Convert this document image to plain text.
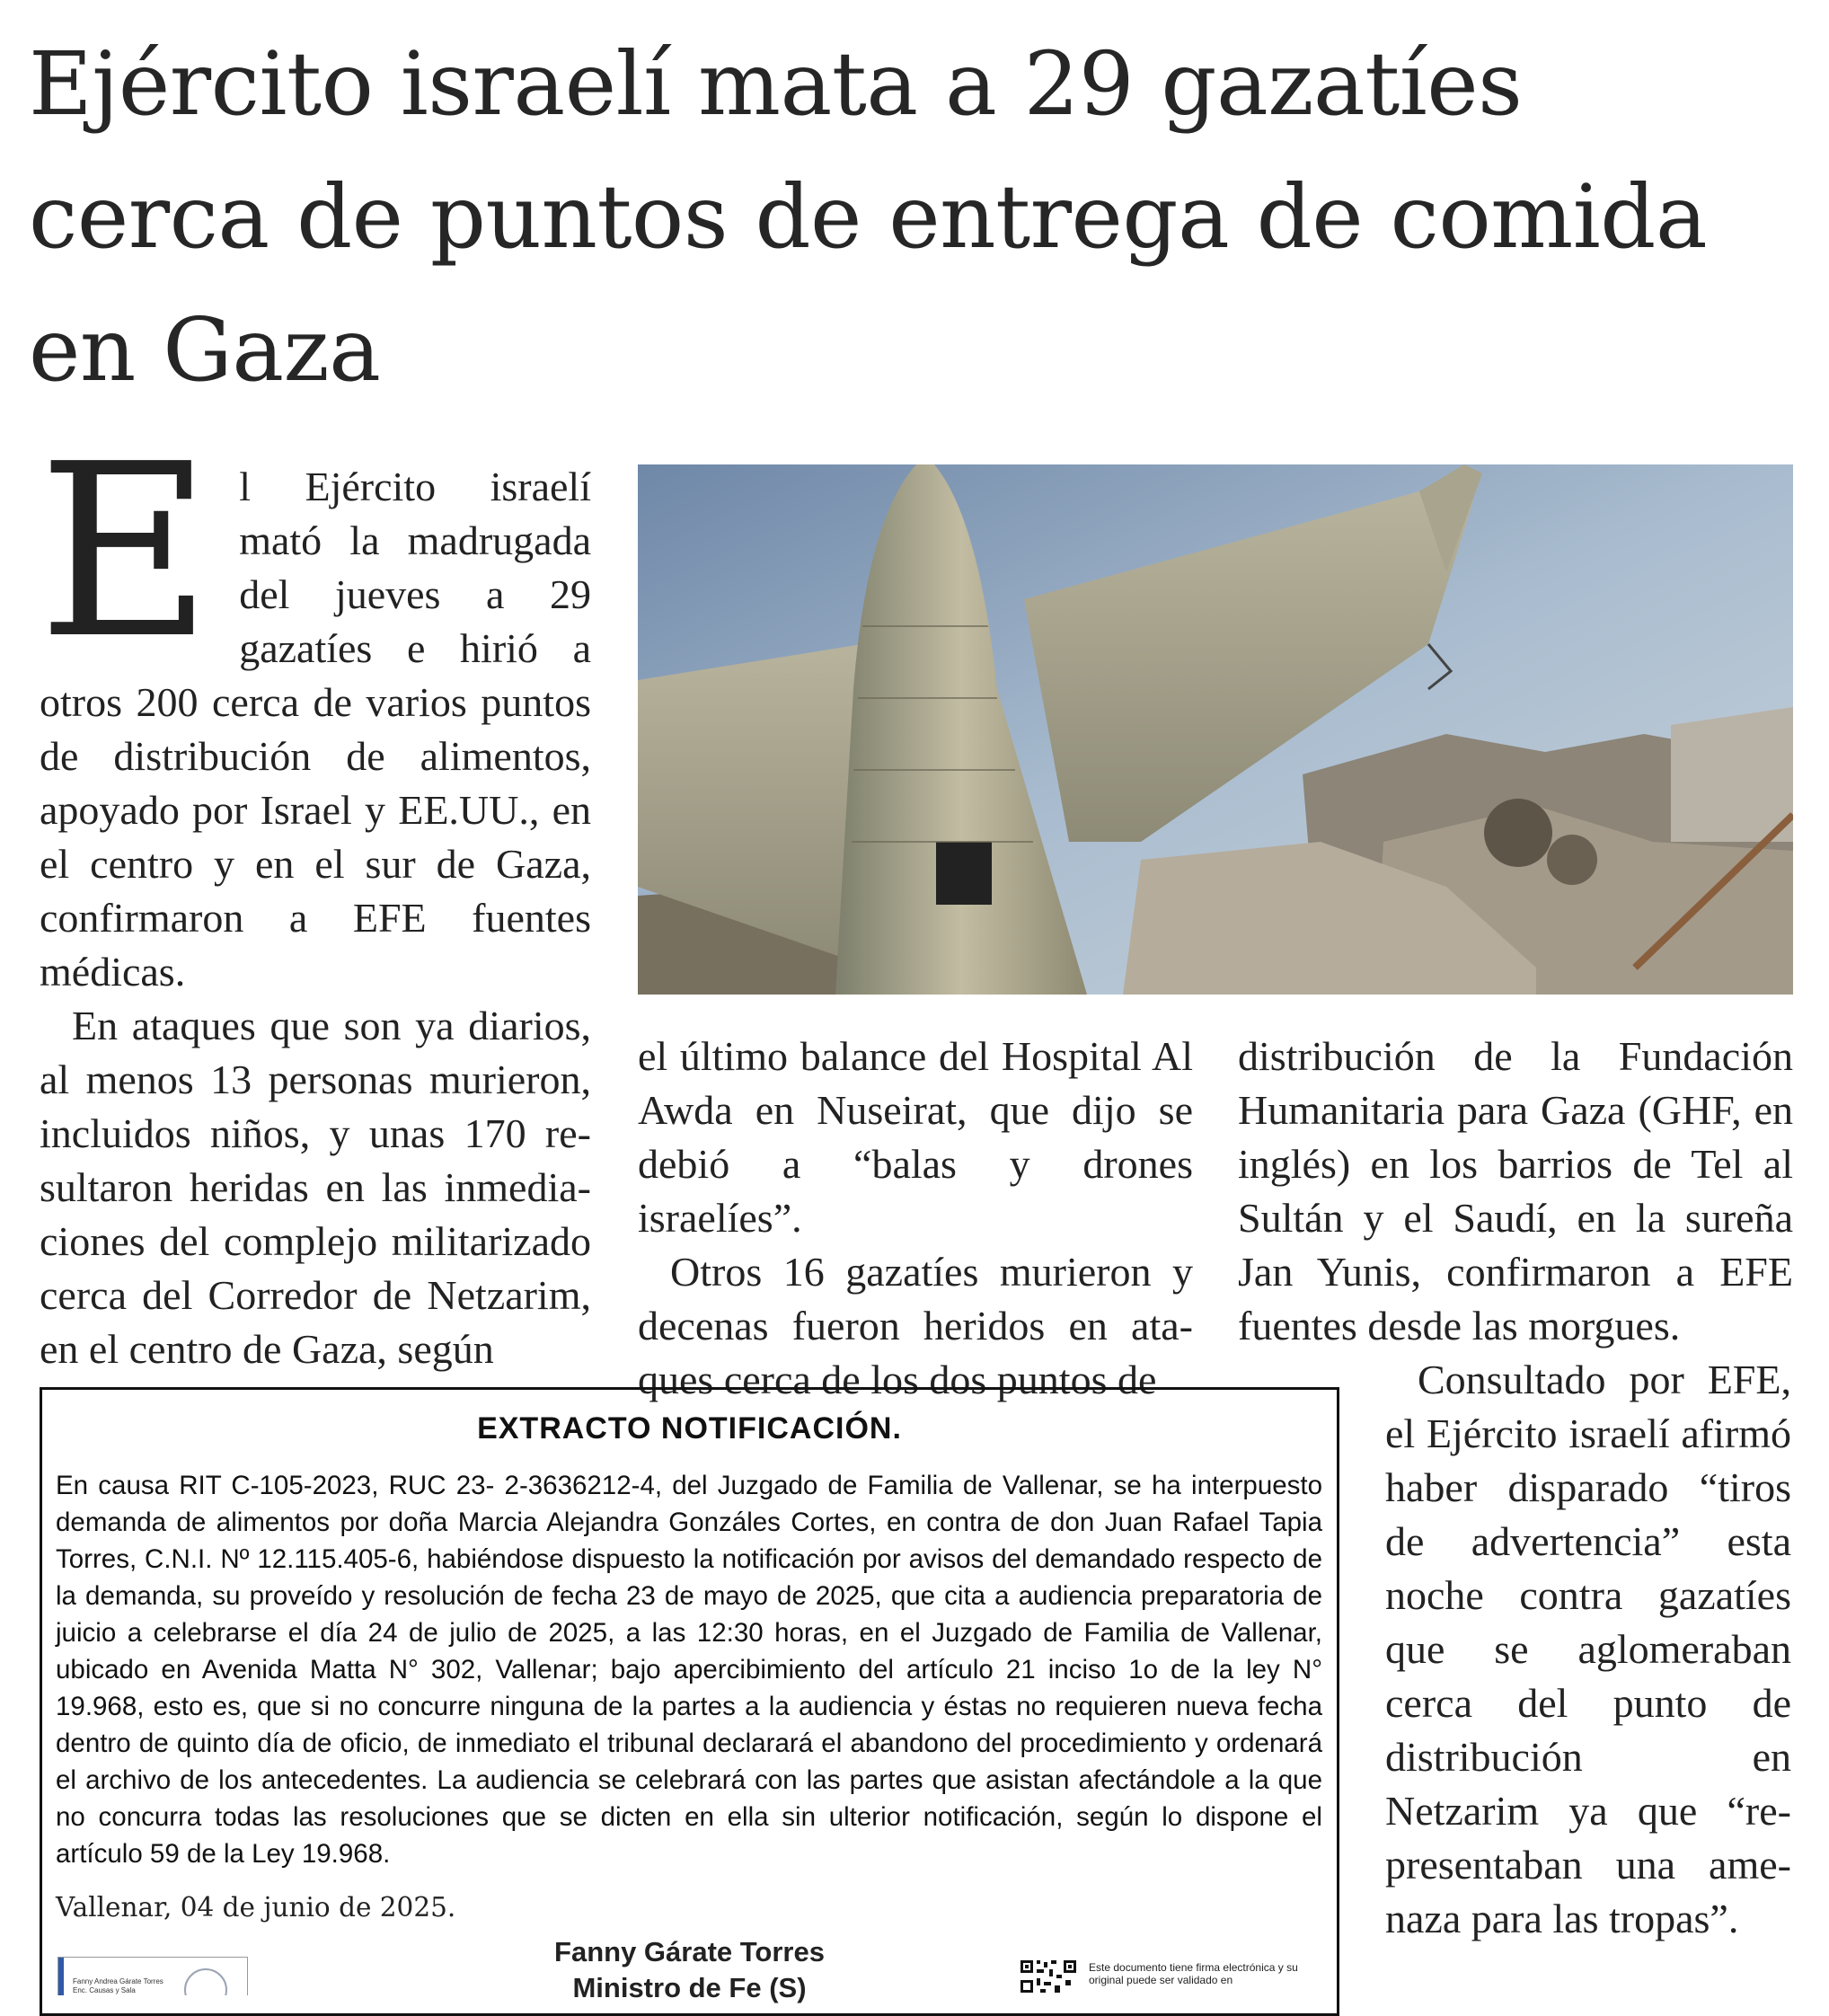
Ejército israelí mata a 29 gazatíes cerca de puntos de entrega de comida en Gaza

El Ejército israelí mató la madrugada del jueves a 29 gazatíes e hirió a otros 200 cerca de varios puntos de distribución de alimentos, apoyado por Israel y EE.UU., en el centro y en el sur de Gaza, confirmaron a EFE fuentes médicas.

En ataques que son ya diarios, al menos 13 personas murieron, incluidos niños, y unas 170 resultaron heridas en las inmediaciones del complejo militarizado cerca del Corredor de Netzarim, en el centro de Gaza, según

el último balance del Hospital Al Awda en Nuseirat, que dijo se debió a “balas y drones israelíes”.

Otros 16 gazatíes murieron y decenas fueron heridos en ataques cerca de los dos puntos de

distribución de la Fundación Humanitaria para Gaza (GHF, en inglés) en los barrios de Tel al Sultán y el Saudí, en la sureña Jan Yunis, confirmaron a EFE fuentes desde las morgues.

Consultado por EFE, el Ejército israelí afirmó haber disparado “tiros de advertencia” esta noche contra gazatíes que se aglomeraban cerca del punto de distribución en Netzarim ya que “representaban una amenaza para las tropas”.

EXTRACTO NOTIFICACIÓN.
En causa RIT C-105-2023, RUC 23- 2-3636212-4, del Juzgado de Familia de Vallenar, se ha interpuesto demanda de alimentos por doña Marcia Alejandra Gonzáles Cortes, en contra de don Juan Rafael Tapia Torres, C.N.I. Nº 12.115.405-6, habiéndose dispuesto la notificación por avisos del demandado respecto de la demanda, su proveído y resolución de fecha 23 de mayo de 2025, que cita a audiencia preparatoria de juicio a celebrarse el día 24 de julio de 2025, a las 12:30 horas, en el Juzgado de Familia de Vallenar, ubicado en Avenida Matta N° 302, Vallenar; bajo apercibimiento del artículo 21 inciso 1o de la ley N° 19.968, esto es, que si no concurre ninguna de la partes a la audiencia y éstas no requieren nueva fecha dentro de quinto día de oficio, de inmediato el tribunal declarará el abandono del procedimiento y ordenará el archivo de los antecedentes. La audiencia se celebrará con las partes que asistan afectándole a la que no concurra todas las resoluciones que se dicten en ella sin ulterior notificación, según lo dispone el artículo 59 de la Ley 19.968.
Vallenar, 04 de junio de 2025.
Fanny Gárate Torres
Ministro de Fe (S)
Fanny Andrea Gárate Torres
Enc. Causas y Sala
Este documento tiene firma electrónica y su original puede ser validado en
